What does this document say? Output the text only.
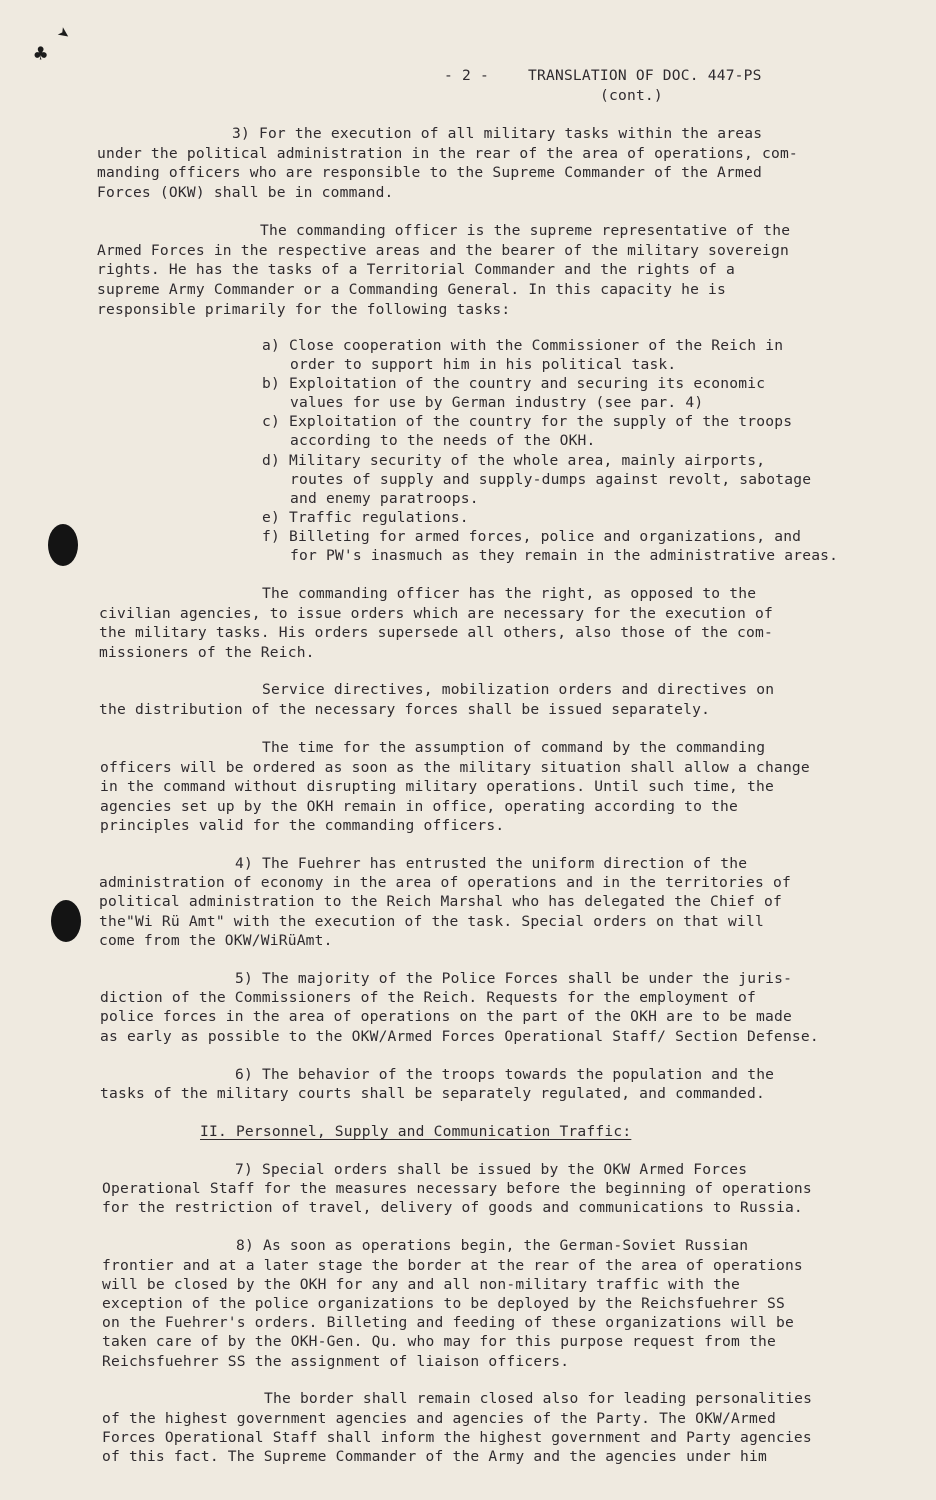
➤
♣
- 2 -	TRANSLATION OF DOC. 447-PS
(cont.)
3) For the execution of all military tasks within the areas
under the political administration in the rear of the area of operations, com-
manding officers who are responsible to the Supreme Commander of the Armed
Forces (OKW) shall be in command.
The commanding officer is the supreme representative of the
Armed Forces in the respective areas and the bearer of the military sovereign
rights. He has the tasks of a Territorial Commander and the rights of a
supreme Army Commander or a Commanding General. In this capacity he is
responsible primarily for the following tasks:
a) Close cooperation with the Commissioner of the Reich in
order to support him in his political task.
b) Exploitation of the country and securing its economic
values for use by German industry (see par. 4)
c) Exploitation of the country for the supply of the troops
according to the needs of the OKH.
d) Military security of the whole area, mainly airports,
routes of supply and supply-dumps against revolt, sabotage
and enemy paratroops.
e) Traffic regulations.
f) Billeting for armed forces, police and organizations, and
for PW's inasmuch as they remain in the administrative areas.
The commanding officer has the right, as opposed to the
civilian agencies, to issue orders which are necessary for the execution of
the military tasks. His orders supersede all others, also those of the com-
missioners of the Reich.
Service directives, mobilization orders and directives on
the distribution of the necessary forces shall be issued separately.
The time for the assumption of command by the commanding
officers will be ordered as soon as the military situation shall allow a change
in the command without disrupting military operations. Until such time, the
agencies set up by the OKH remain in office, operating according to the
principles valid for the commanding officers.
4) The Fuehrer has entrusted the uniform direction of the
administration of economy in the area of operations and in the territories of
political administration to the Reich Marshal who has delegated the Chief of
the"Wi Rü Amt" with the execution of the task. Special orders on that will
come from the OKW/WiRüAmt.
5) The majority of the Police Forces shall be under the juris-
diction of the Commissioners of the Reich. Requests for the employment of
police forces in the area of operations on the part of the OKH are to be made
as early as possible to the OKW/Armed Forces Operational Staff/ Section Defense.
6) The behavior of the troops towards the population and the
tasks of the military courts shall be separately regulated, and commanded.
II. Personnel, Supply and Communication Traffic:
7) Special orders shall be issued by the OKW Armed Forces
Operational Staff for the measures necessary before the beginning of operations
for the restriction of travel, delivery of goods and communications to Russia.
8) As soon as operations begin, the German-Soviet Russian
frontier and at a later stage the border at the rear of the area of operations
will be closed by the OKH for any and all non-military traffic with the
exception of the police organizations to be deployed by the Reichsfuehrer SS
on the Fuehrer's orders. Billeting and feeding of these organizations will be
taken care of by the OKH-Gen. Qu. who may for this purpose request from the
Reichsfuehrer SS the assignment of liaison officers.
The border shall remain closed also for leading personalities
of the highest government agencies and agencies of the Party. The OKW/Armed
Forces Operational Staff shall inform the highest government and Party agencies
of this fact. The Supreme Commander of the Army and the agencies under him
